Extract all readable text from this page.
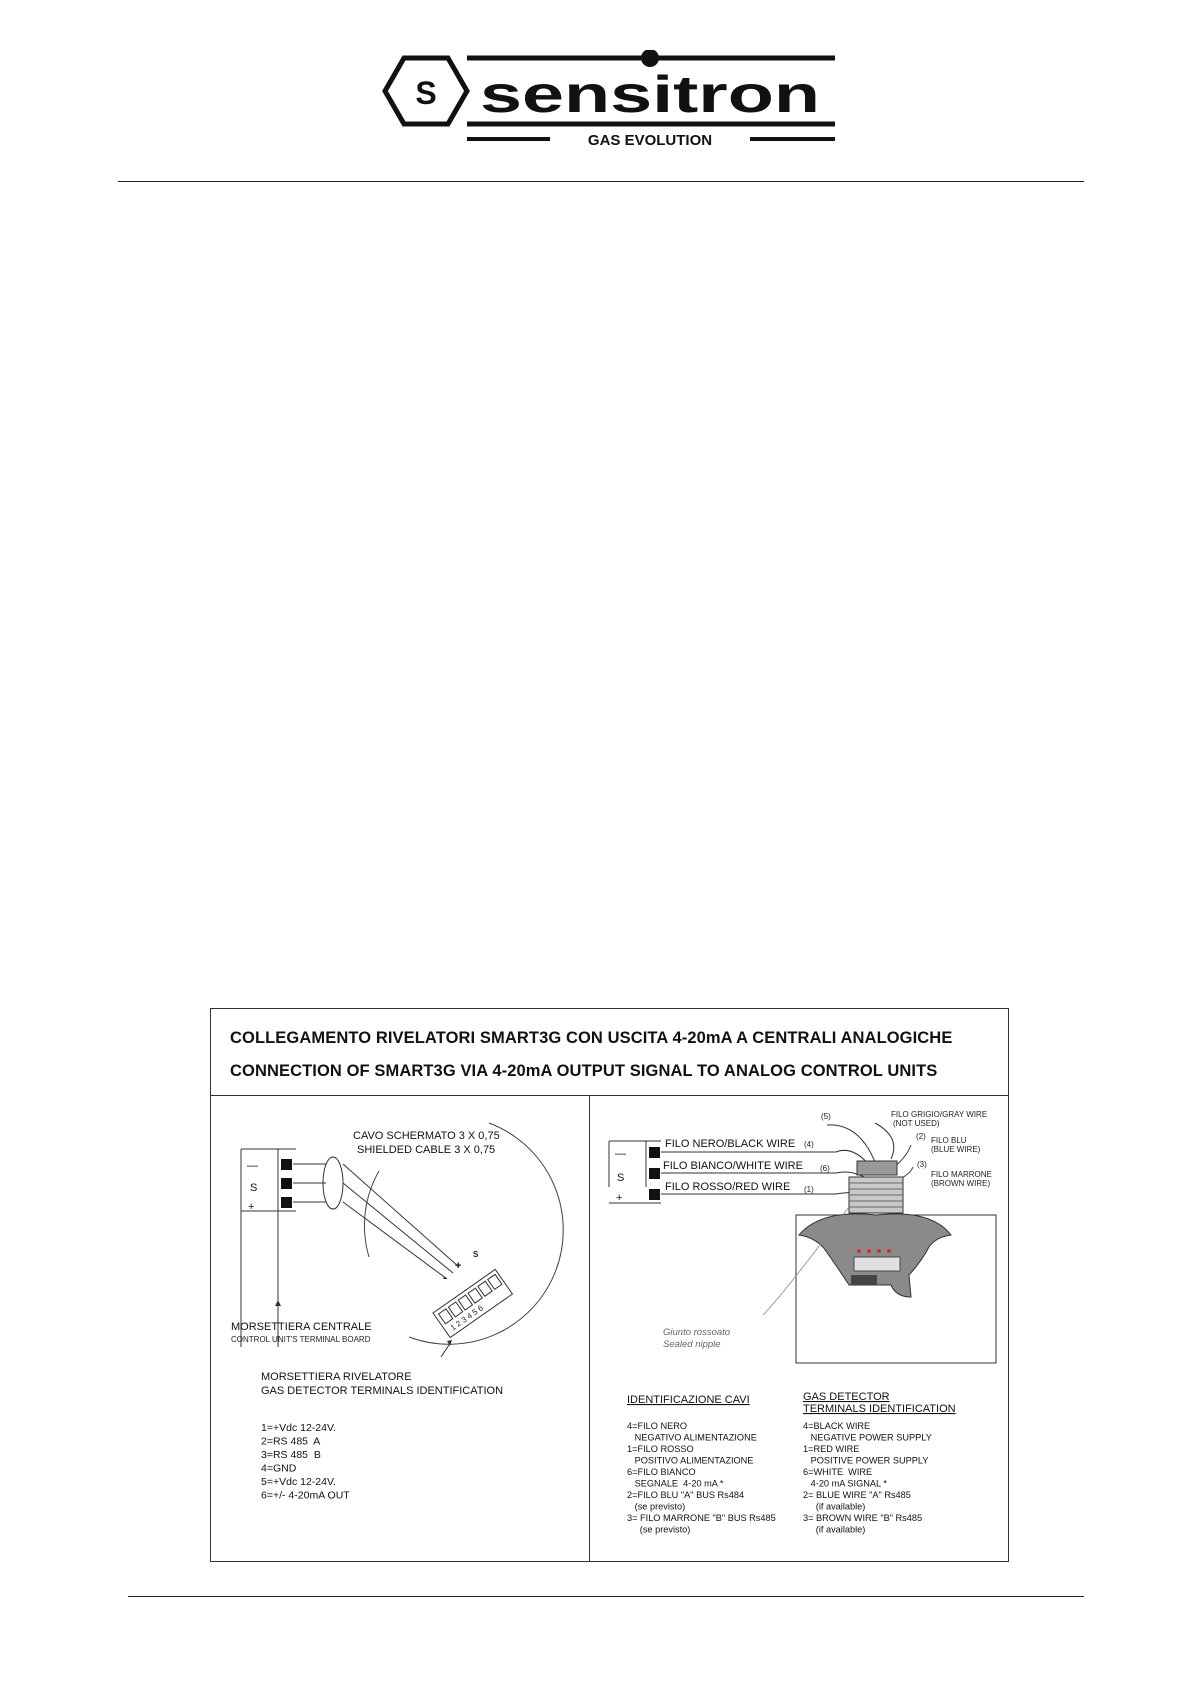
S sensitron
GAS EVOLUTION
COLLEGAMENTO RIVELATORI SMART3G CON USCITA 4-20mA A CENTRALI ANALOGICHE
CONNECTION OF SMART3G VIA 4-20mA OUTPUT SIGNAL TO ANALOG CONTROL UNITS
CAVO SCHERMATO 3 X 0,75
SHIELDED CABLE 3 X 0,75
—
S
+
1 2 3 4 5 6
+
-
S
MORSETTIERA CENTRALE
CONTROL UNIT'S TERMINAL BOARD
MORSETTIERA RIVELATORE
GAS DETECTOR TERMINALS IDENTIFICATION
1=+Vdc 12-24V.
2=RS 485  A
3=RS 485  B
4=GND
5=+Vdc 12-24V.
6=+/- 4-20mA OUT
—
S
+
FILO NERO/BLACK WIRE
FILO BIANCO/WHITE WIRE
FILO ROSSO/RED WIRE
(4)
(1)
(5)	FILO GRIGIO/GRAY WIRE
(NOT USED)
(2) FILO BLU
(BLUE WIRE)
(3)
FILO MARRONE
(BROWN WIRE)
(6)
Giunto rossoato
Sealed nipple
IDENTIFICAZIONE CAVI
4=FILO NERO
NEGATIVO ALIMENTAZIONE
1=FILO ROSSO
POSITIVO ALIMENTAZIONE
6=FILO BIANCO
SEGNALE  4-20 mA *
2=FILO BLU "A" BUS Rs484
(se previsto)
3= FILO MARRONE "B" BUS Rs485
(se previsto)
GAS DETECTOR
TERMINALS IDENTIFICATION
4=BLACK WIRE
NEGATIVE POWER SUPPLY
1=RED WIRE
POSITIVE POWER SUPPLY
6=WHITE  WIRE
4-20 mA SIGNAL *
2= BLUE WIRE "A" Rs485
(if available)
3= BROWN WIRE "B" Rs485
(if available)
